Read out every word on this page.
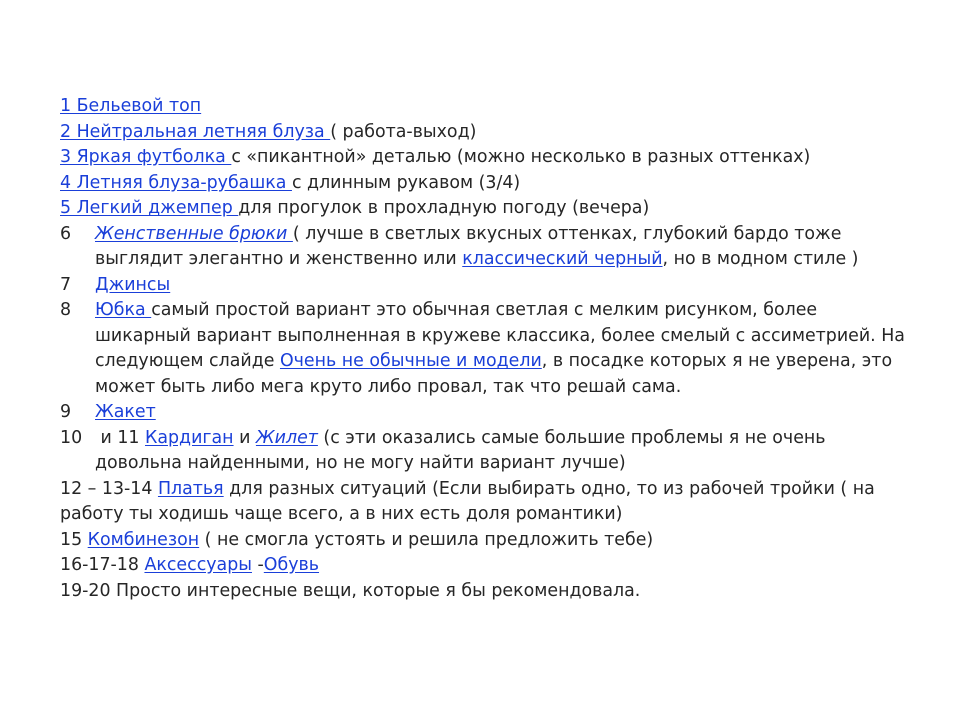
1 Бельевой топ
2 Нейтральная летняя блуза ( работа-выход)
3 Яркая футболка с «пикантной» деталью (можно несколько в разных оттенках)
4 Летняя блуза-рубашка с длинным рукавом (3/4)
5 Легкий джемпер для прогулок в прохладную погоду (вечера)
6 Женственные брюки ( лучше в светлых вкусных оттенках, глубокий бардо тоже
выглядит элегантно и женственно или классический черный, но в модном стиле )
7 Джинсы
8 Юбка самый простой вариант это обычная светлая с мелким рисунком, более
шикарный вариант выполненная в кружеве классика, более смелый с ассиметрией. На
следующем слайде Очень не обычные и модели, в посадке которых я не уверена, это
может быть либо мега круто либо провал, так что решай сама.
9 Жакет
10 и 11 Кардиган и Жилет (с эти оказались самые большие проблемы я не очень
довольна найденными, но не могу найти вариант лучше)
12 – 13-14 Платья для разных ситуаций (Если выбирать одно, то из рабочей тройки ( на
работу ты ходишь чаще всего, а в них есть доля романтики)
15 Комбинезон ( не смогла устоять и решила предложить тебе)
16-17-18 Аксессуары -Обувь
19-20 Просто интересные вещи, которые я бы рекомендовала.
